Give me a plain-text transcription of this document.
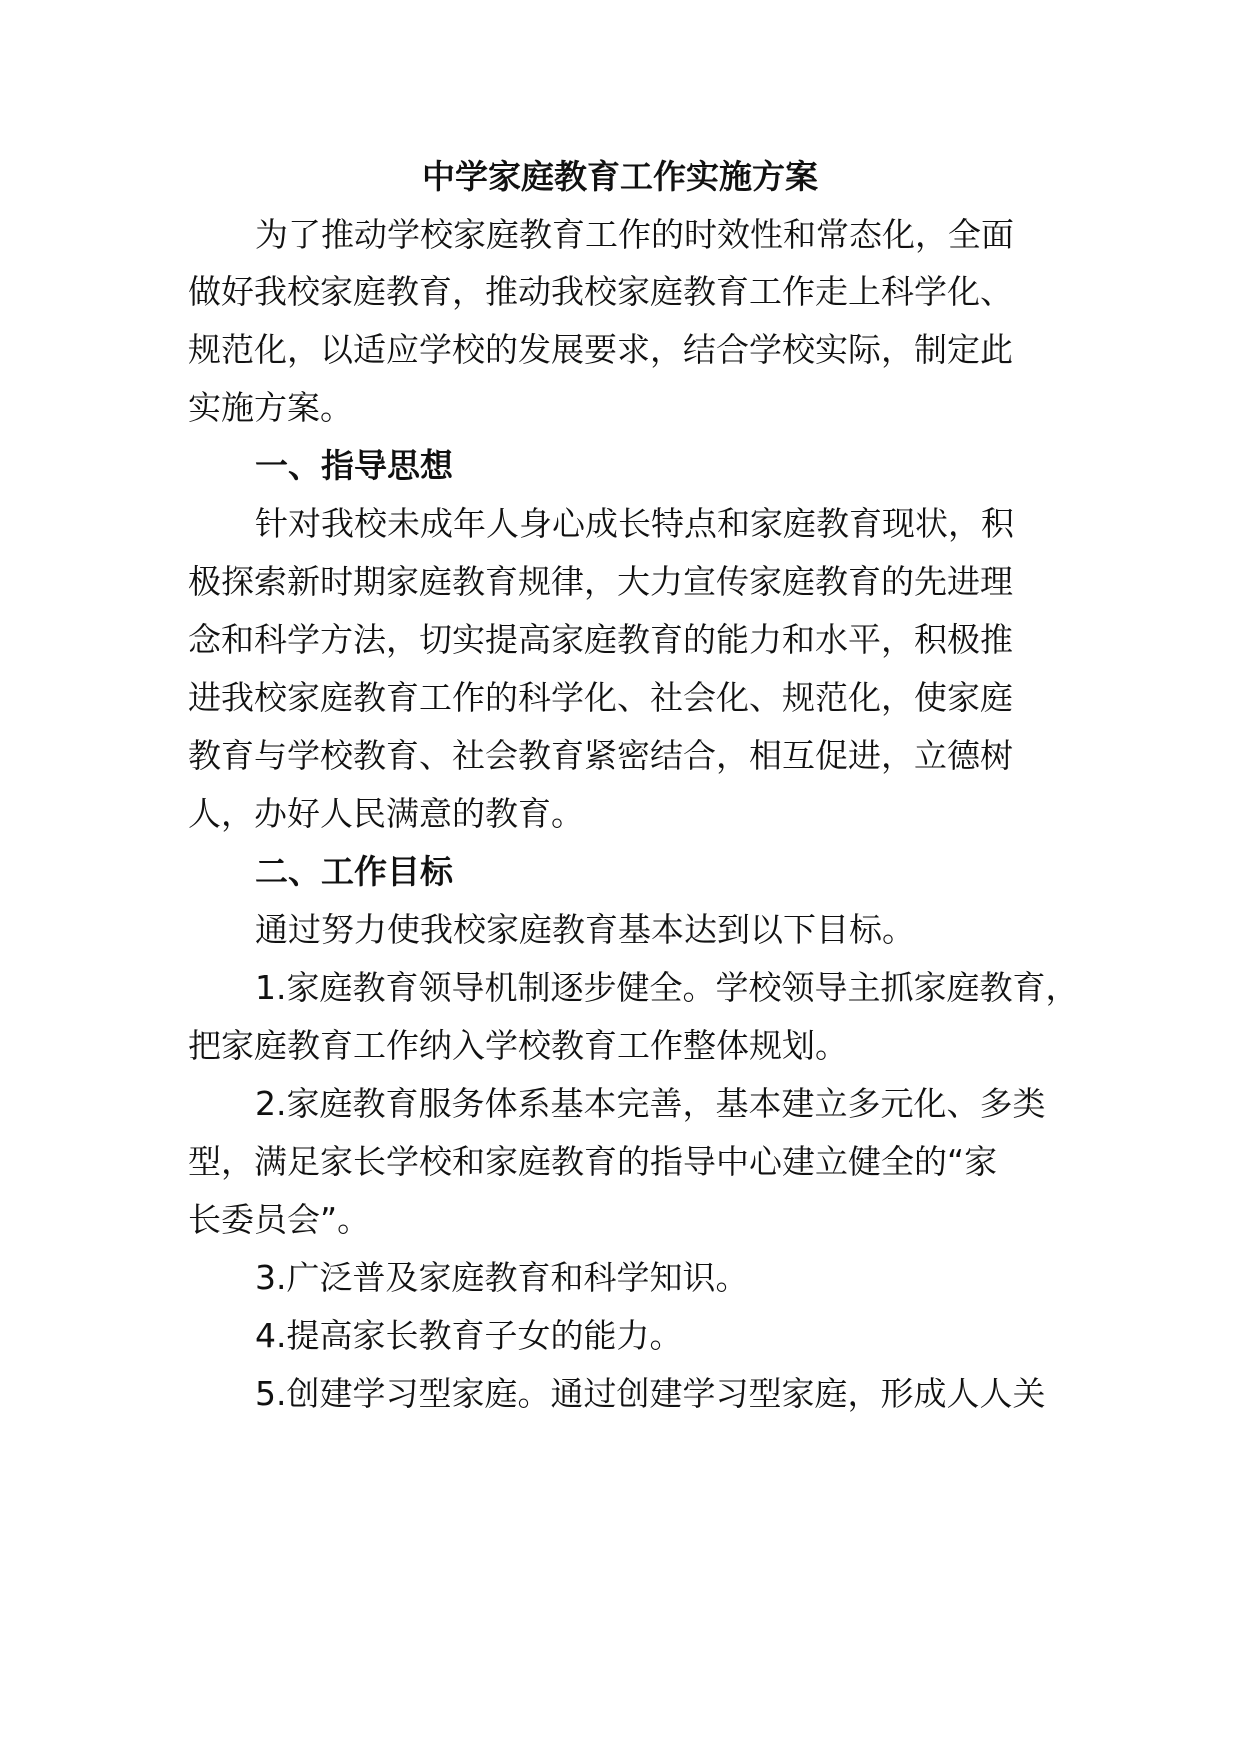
中学家庭教育工作实施方案
为了推动学校家庭教育工作的时效性和常态化，全面
做好我校家庭教育，推动我校家庭教育工作走上科学化、
规范化，以适应学校的发展要求，结合学校实际，制定此
实施方案。
一、指导思想
针对我校未成年人身心成长特点和家庭教育现状，积
极探索新时期家庭教育规律，大力宣传家庭教育的先进理
念和科学方法，切实提高家庭教育的能力和水平，积极推
进我校家庭教育工作的科学化、社会化、规范化，使家庭
教育与学校教育、社会教育紧密结合，相互促进，立德树
人，办好人民满意的教育。
二、工作目标
通过努力使我校家庭教育基本达到以下目标。
1.家庭教育领导机制逐步健全。学校领导主抓家庭教育，
把家庭教育工作纳入学校教育工作整体规划。
2.家庭教育服务体系基本完善，基本建立多元化、多类
型，满足家长学校和家庭教育的指导中心建立健全的“家
长委员会”。
3.广泛普及家庭教育和科学知识。
4.提高家长教育子女的能力。
5.创建学习型家庭。通过创建学习型家庭，形成人人关
